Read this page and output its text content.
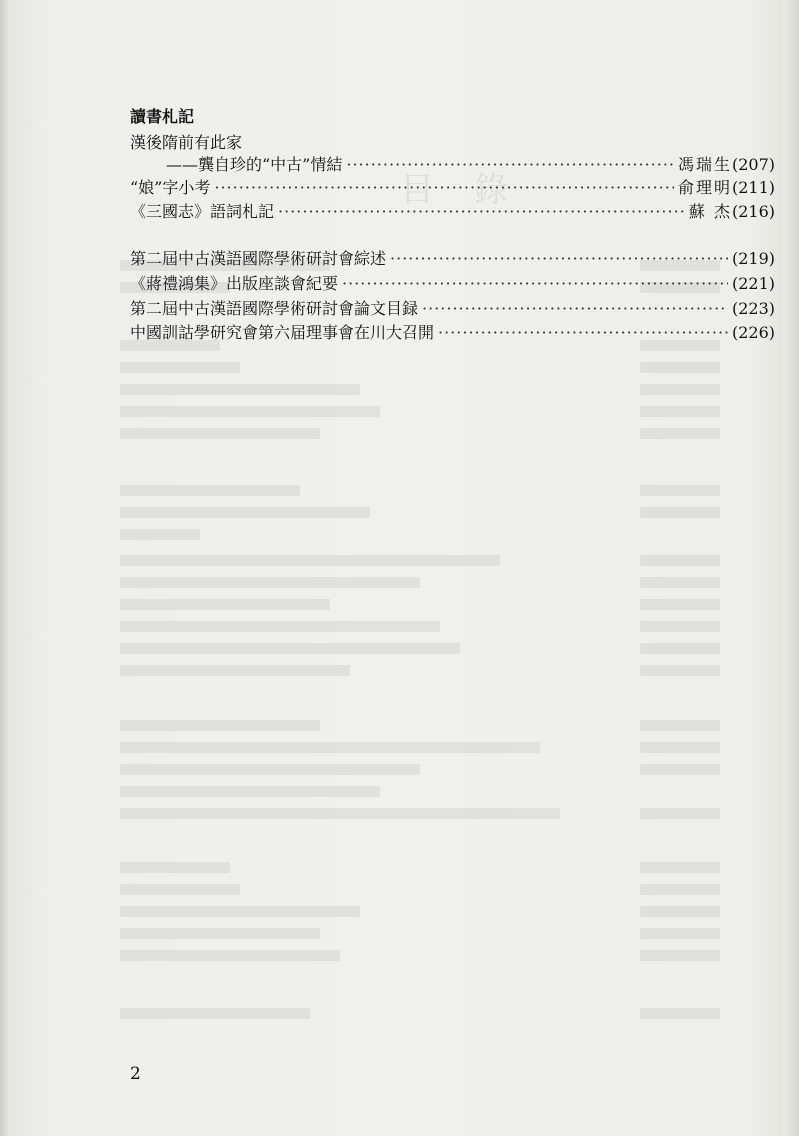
目錄
讀書札記
漢後隋前有此家
——龔自珍的“中古”情結 ·····	馮瑞生 (207)
“娘”字小考 ·····	俞理明 (211)
《三國志》語詞札記 ·····	蘇 杰 (216)
第二屆中古漢語國際學術研討會綜述 ·····	(219)
《蔣禮鴻集》出版座談會紀要 ·····	(221)
第二屆中古漢語國際學術研討會論文目録 ·····	(223)
中國訓詁學研究會第六届理事會在川大召開 ·····	(226)
2
